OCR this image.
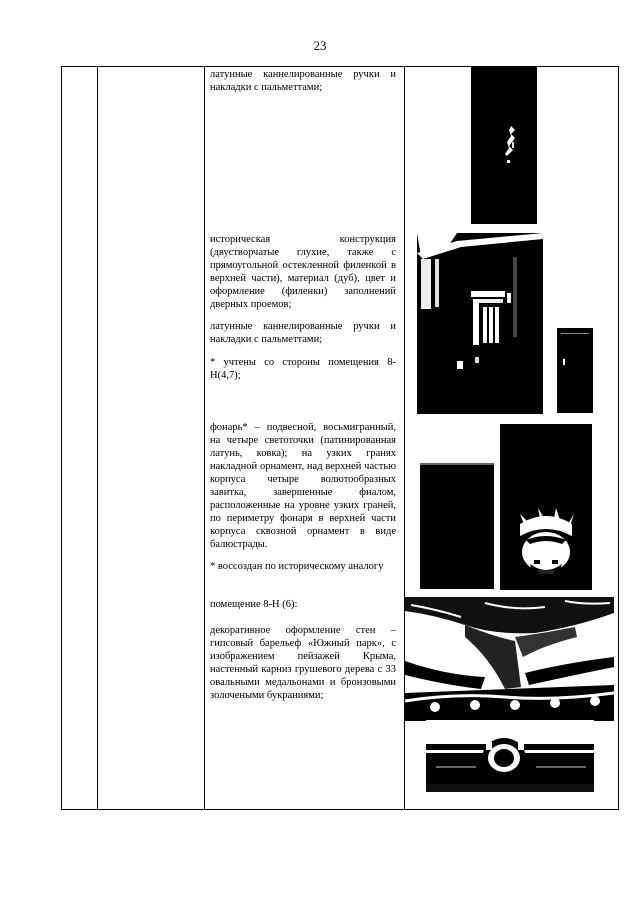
23

латунные каннелированные ручки и накладки с пальметтами;

историческая конструкция (двустворчатые глухие, также с прямоугольной остекленной филенкой в верхней части), материал (дуб), цвет и оформление (филенки) заполнений дверных проемов;

латунные каннелированные ручки и накладки с пальметтами;

* учтены со стороны помещения 8-Н(4,7);

фонарь* – подвесной, восьмигранный, на четыре светоточки (патинированная латунь, ковка); на узких гранях накладной орнамент, над верхней частью корпуса четыре волютообразных завитка, завершенные фиалом, расположенные на уровне узких граней, по периметру фонаря в верхней части корпуса сквозной орнамент в виде балюстрады.

* воссоздан по историческому аналогу

помещение 8-Н (6):

декоративное оформление стен – гипсовый барельеф «Южный парк», с изображением пейзажей Крыма, настенный карниз грушевого дерева с 33 овальными медальонами и бронзовыми золочеными букраниями;
